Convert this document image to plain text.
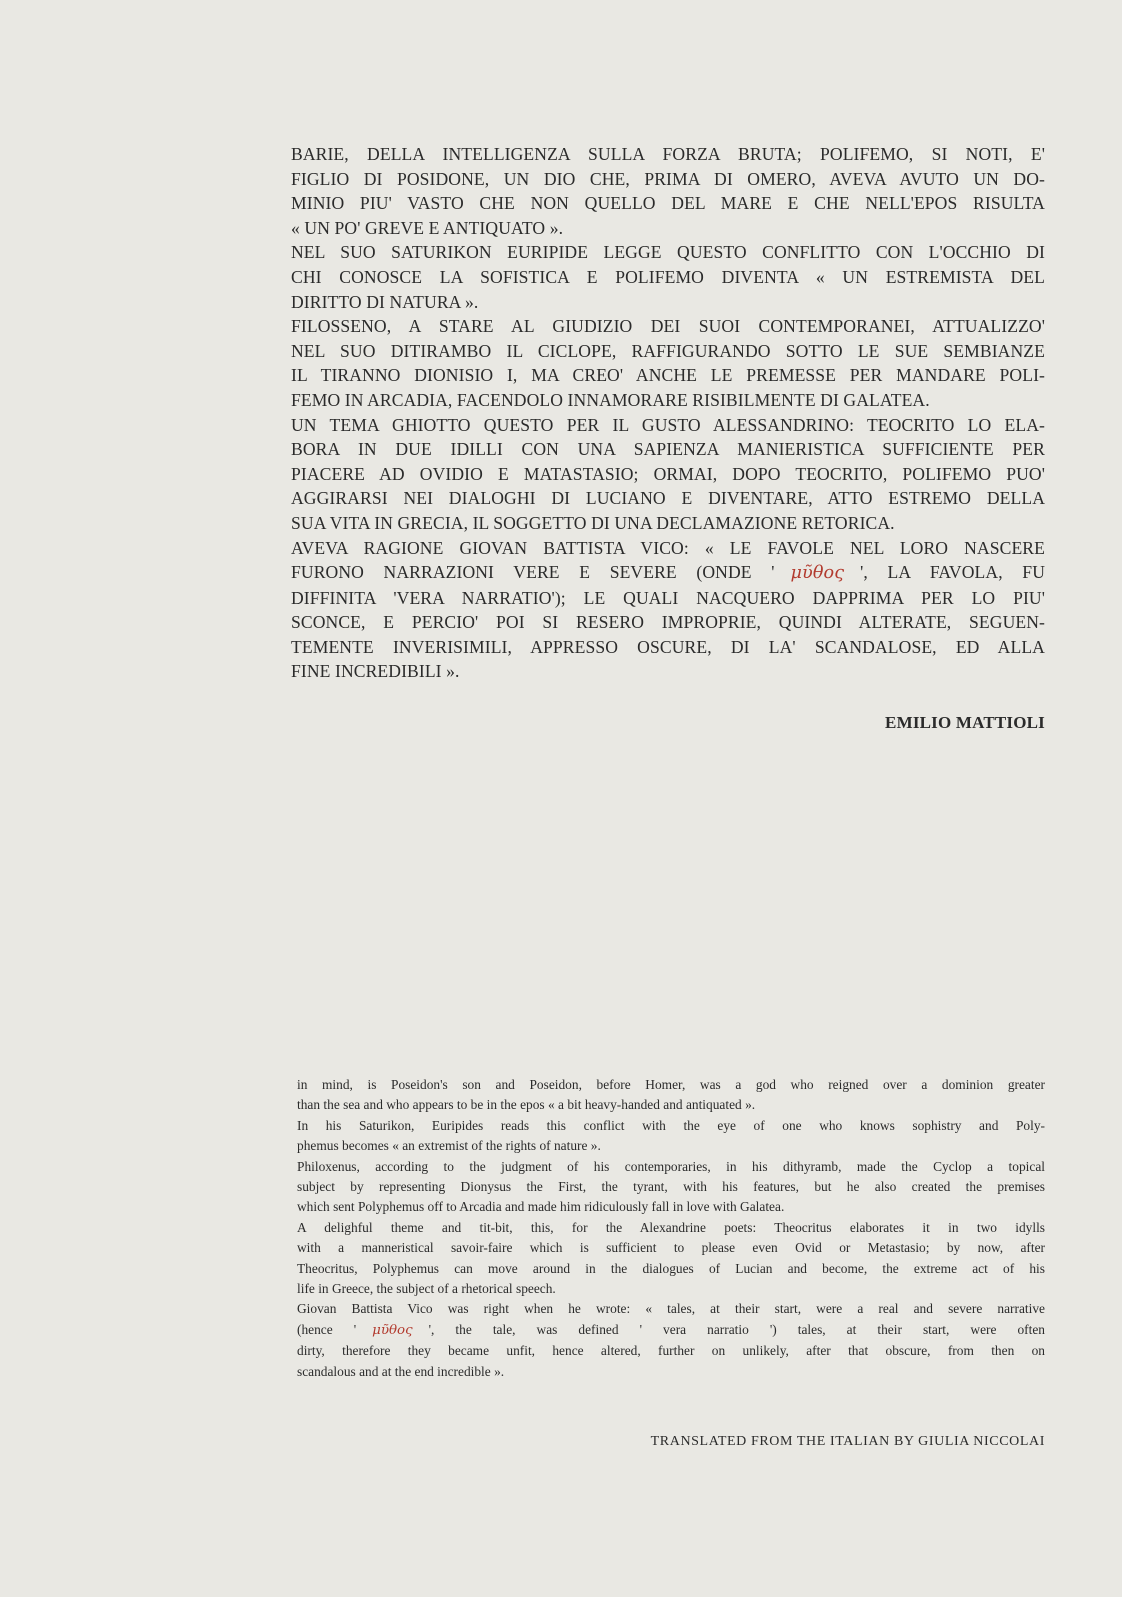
BARIE, DELLA INTELLIGENZA SULLA FORZA BRUTA; POLIFEMO, SI NOTI, E'
FIGLIO DI POSIDONE, UN DIO CHE, PRIMA DI OMERO, AVEVA AVUTO UN DO-
MINIO PIU' VASTO CHE NON QUELLO DEL MARE E CHE NELL'EPOS RISULTA
« UN PO' GREVE E ANTIQUATO ».
NEL SUO SATURIKON EURIPIDE LEGGE QUESTO CONFLITTO CON L'OCCHIO DI
CHI CONOSCE LA SOFISTICA E POLIFEMO DIVENTA « UN ESTREMISTA DEL
DIRITTO DI NATURA ».
FILOSSENO, A STARE AL GIUDIZIO DEI SUOI CONTEMPORANEI, ATTUALIZZO'
NEL SUO DITIRAMBO IL CICLOPE, RAFFIGURANDO SOTTO LE SUE SEMBIANZE
IL TIRANNO DIONISIO I, MA CREO' ANCHE LE PREMESSE PER MANDARE POLI-
FEMO IN ARCADIA, FACENDOLO INNAMORARE RISIBILMENTE DI GALATEA.
UN TEMA GHIOTTO QUESTO PER IL GUSTO ALESSANDRINO: TEOCRITO LO ELA-
BORA IN DUE IDILLI CON UNA SAPIENZA MANIERISTICA SUFFICIENTE PER
PIACERE AD OVIDIO E MATASTASIO; ORMAI, DOPO TEOCRITO, POLIFEMO PUO'
AGGIRARSI NEI DIALOGHI DI LUCIANO E DIVENTARE, ATTO ESTREMO DELLA
SUA VITA IN GRECIA, IL SOGGETTO DI UNA DECLAMAZIONE RETORICA.
AVEVA RAGIONE GIOVAN BATTISTA VICO: « LE FAVOLE NEL LORO NASCERE
FURONO NARRAZIONI VERE E SEVERE (ONDE ' μῦθος ', LA FAVOLA, FU
DIFFINITA 'VERA NARRATIO'); LE QUALI NACQUERO DAPPRIMA PER LO PIU'
SCONCE, E PERCIO' POI SI RESERO IMPROPRIE, QUINDI ALTERATE, SEGUEN-
TEMENTE INVERISIMILI, APPRESSO OSCURE, DI LA' SCANDALOSE, ED ALLA
FINE INCREDIBILI ».
EMILIO MATTIOLI
in mind, is Poseidon's son and Poseidon, before Homer, was a god who reigned over a dominion greater
than the sea and who appears to be in the epos « a bit heavy-handed and antiquated ».
In his Saturikon, Euripides reads this conflict with the eye of one who knows sophistry and Poly-
phemus becomes « an extremist of the rights of nature ».
Philoxenus, according to the judgment of his contemporaries, in his dithyramb, made the Cyclop a topical
subject by representing Dionysus the First, the tyrant, with his features, but he also created the premises
which sent Polyphemus off to Arcadia and made him ridiculously fall in love with Galatea.
A delighful theme and tit-bit, this, for the Alexandrine poets: Theocritus elaborates it in two idylls
with a manneristical savoir-faire which is sufficient to please even Ovid or Metastasio; by now, after
Theocritus, Polyphemus can move around in the dialogues of Lucian and become, the extreme act of his
life in Greece, the subject of a rhetorical speech.
Giovan Battista Vico was right when he wrote: « tales, at their start, were a real and severe narrative
(hence ' μῦθος ', the tale, was defined ' vera narratio ') tales, at their start, were often
dirty, therefore they became unfit, hence altered, further on unlikely, after that obscure, from then on
scandalous and at the end incredible ».
TRANSLATED FROM THE ITALIAN BY GIULIA NICCOLAI
